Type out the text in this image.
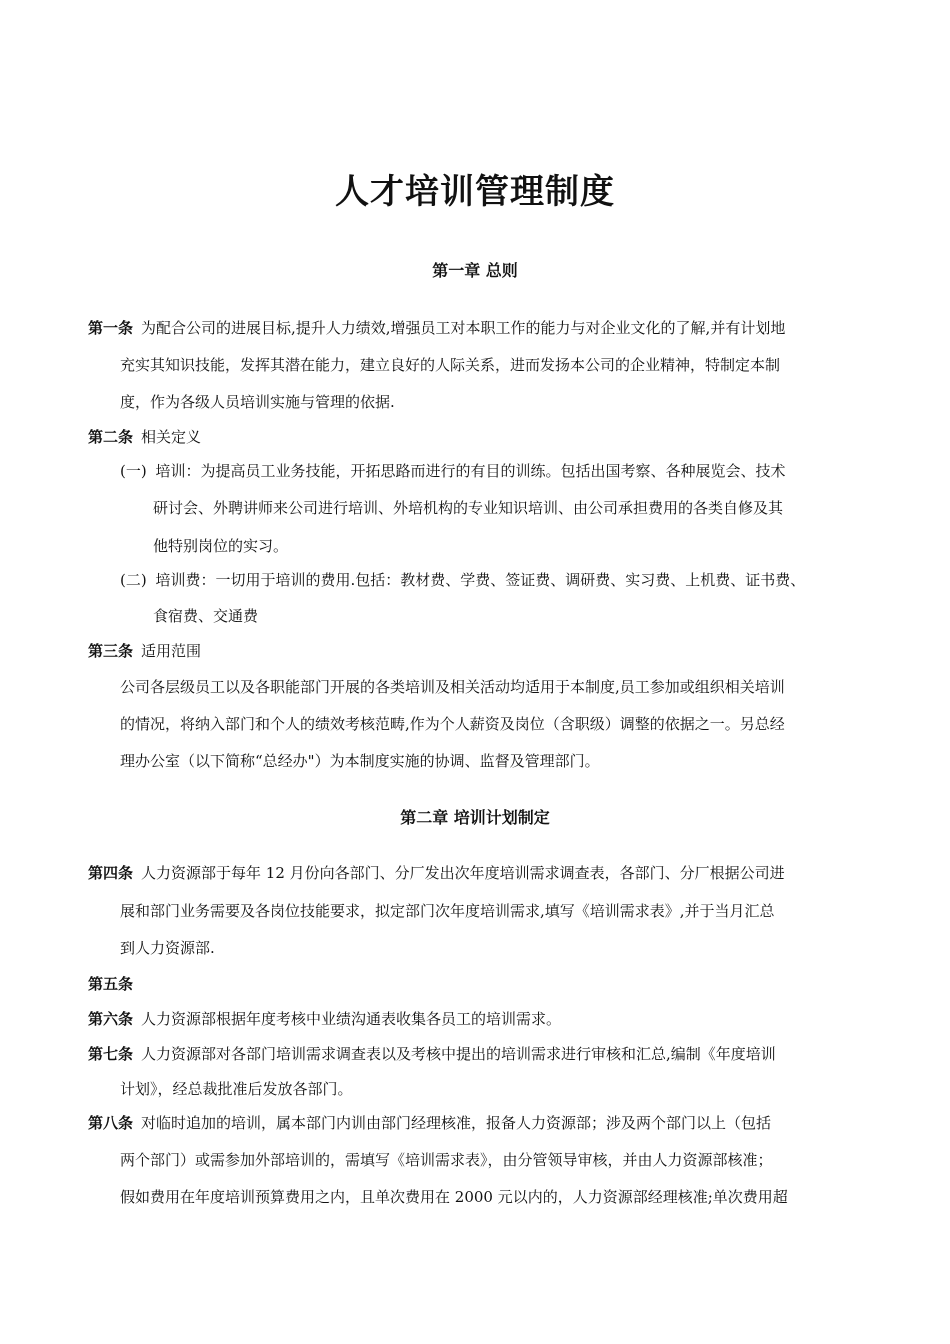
人才培训管理制度
第一章 总则
第一条 为配合公司的进展目标,提升人力绩效,增强员工对本职工作的能力与对企业文化的了解,并有计划地
充实其知识技能，发挥其潜在能力，建立良好的人际关系，进而发扬本公司的企业精神，特制定本制
度，作为各级人员培训实施与管理的依据.
第二条 相关定义
(一) 培训：为提高员工业务技能，开拓思路而进行的有目的训练。包括出国考察、各种展览会、技术
研讨会、外聘讲师来公司进行培训、外培机构的专业知识培训、由公司承担费用的各类自修及其
他特别岗位的实习。
(二) 培训费：一切用于培训的费用.包括：教材费、学费、签证费、调研费、实习费、上机费、证书费、
食宿费、交通费
第三条 适用范围
公司各层级员工以及各职能部门开展的各类培训及相关活动均适用于本制度,员工参加或组织相关培训
的情况，将纳入部门和个人的绩效考核范畴,作为个人薪资及岗位（含职级）调整的依据之一。另总经
理办公室（以下简称“总经办"）为本制度实施的协调、监督及管理部门。
第二章 培训计划制定
第四条 人力资源部于每年 12 月份向各部门、分厂发出次年度培训需求调查表，各部门、分厂根据公司进
展和部门业务需要及各岗位技能要求，拟定部门次年度培训需求,填写《培训需求表》,并于当月汇总
到人力资源部.
第五条
第六条 人力资源部根据年度考核中业绩沟通表收集各员工的培训需求。
第七条 人力资源部对各部门培训需求调查表以及考核中提出的培训需求进行审核和汇总,编制《年度培训
计划》，经总裁批准后发放各部门。
第八条 对临时追加的培训，属本部门内训由部门经理核准，报备人力资源部；涉及两个部门以上（包括
两个部门）或需参加外部培训的，需填写《培训需求表》，由分管领导审核，并由人力资源部核准；
假如费用在年度培训预算费用之内，且单次费用在 2000 元以内的，人力资源部经理核准;单次费用超
